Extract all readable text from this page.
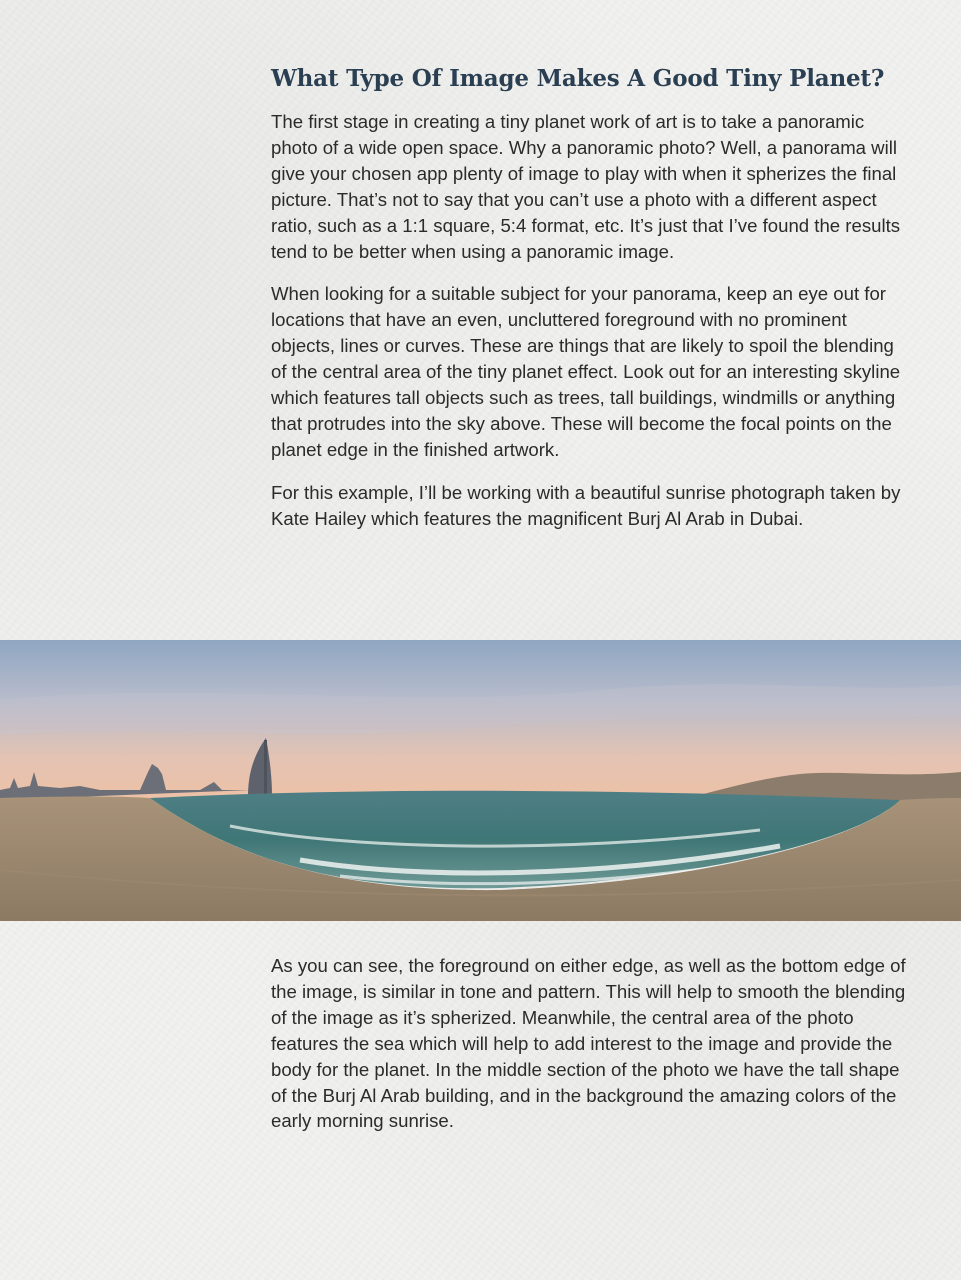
What Type Of Image Makes A Good Tiny Planet?

The first stage in creating a tiny planet work of art is to take a panoramic photo of a wide open space. Why a panoramic photo? Well, a panorama will give your chosen app plenty of image to play with when it spherizes the final picture. That’s not to say that you can’t use a photo with a different aspect ratio, such as a 1:1 square, 5:4 format, etc. It’s just that I’ve found the results tend to be better when using a panoramic image.

When looking for a suitable subject for your panorama, keep an eye out for locations that have an even, uncluttered foreground with no prominent objects, lines or curves. These are things that are likely to spoil the blending of the central area of the tiny planet effect. Look out for an interesting skyline which features tall objects such as trees, tall buildings, windmills or anything that protrudes into the sky above. These will become the focal points on the planet edge in the finished artwork.

For this example, I’ll be working with a beautiful sunrise photograph taken by Kate Hailey which features the magnificent Burj Al Arab in Dubai.

As you can see, the foreground on either edge, as well as the bottom edge of the image, is similar in tone and pattern. This will help to smooth the blending of the image as it’s spherized. Meanwhile, the central area of the photo features the sea which will help to add interest to the image and provide the body for the planet. In the middle section of the photo we have the tall shape of the Burj Al Arab building, and in the background the amazing colors of the early morning sunrise.
